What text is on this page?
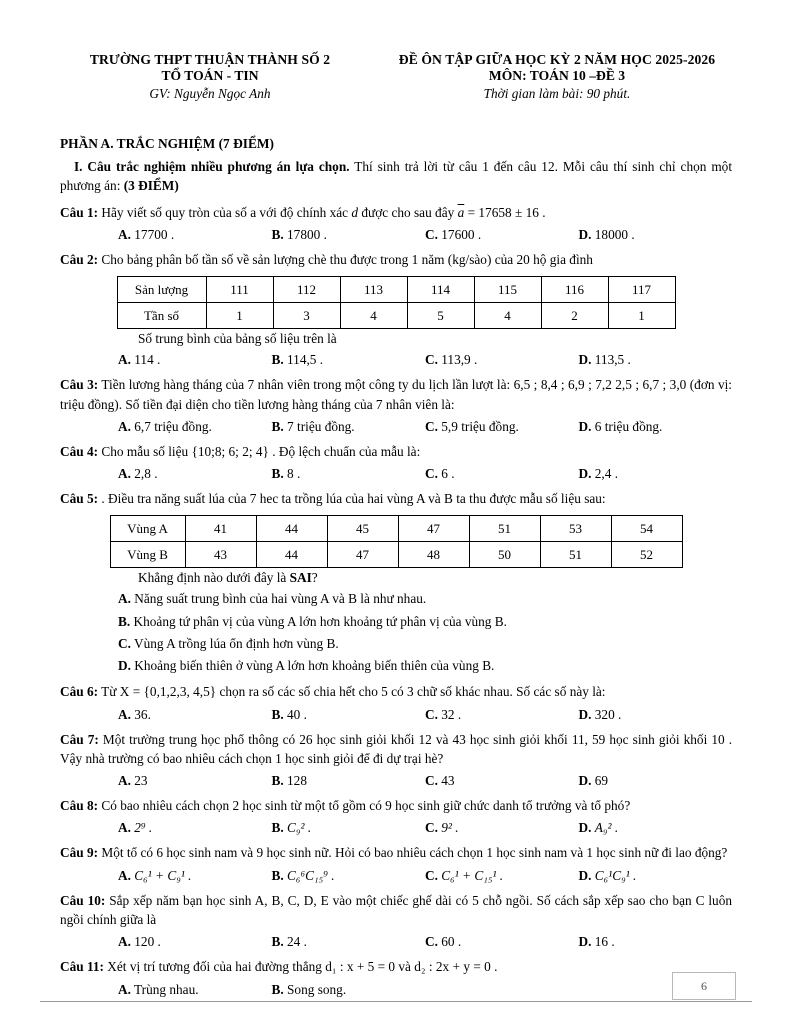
TRƯỜNG THPT THUẬN THÀNH SỐ 2
TỔ TOÁN - TIN
GV: Nguyễn Ngọc Anh
ĐỀ ÔN TẬP GIỮA HỌC KỲ 2 NĂM HỌC 2025-2026
MÔN: TOÁN 10 –ĐỀ 3
Thời gian làm bài: 90 phút.
PHẦN A. TRẮC NGHIỆM (7 ĐIỂM)
I. Câu trắc nghiệm nhiều phương án lựa chọn. Thí sinh trả lời từ câu 1 đến câu 12. Mỗi câu thí sinh chỉ chọn một phương án: (3 ĐIỂM)
Câu 1: Hãy viết số quy tròn của số a với độ chính xác d được cho sau đây $\overline{a} = 17658 \pm 16$ .
A. 17700 .	B. 17800 .	C. 17600 .	D. 18000 .
Câu 2: Cho bảng phân bố tần số về sản lượng chè thu được trong 1 năm (kg/sào) của 20 hộ gia đình
Sản lượng	111	112	113	114	115	116	117
Tần số	1	3	4	5	4	2	1
Số trung bình của bảng số liệu trên là
A. 114 .	B. 114,5 .	C. 113,9 .	D. 113,5 .
Câu 3: Tiền lương hàng tháng của 7 nhân viên trong một công ty du lịch lần lượt là: 6,5 ; 8,4 ; 6,9 ; 7,2 2,5 ; 6,7 ; 3,0 (đơn vị: triệu đồng). Số tiền đại diện cho tiền lương hàng tháng của 7 nhân viên là:
A. 6,7 triệu đồng.	B. 7 triệu đồng.	C. 5,9 triệu đồng.	D. 6 triệu đồng.
Câu 4: Cho mẫu số liệu {10;8; 6; 2; 4} . Độ lệch chuẩn của mẫu là:
A. 2,8 .	B. 8 .	C. 6 .	D. 2,4 .
Câu 5: . Điều tra năng suất lúa của 7 hec ta trồng lúa của hai vùng A và B ta thu được mẫu số liệu sau:
Vùng A	41	44	45	47	51	53	54
Vùng B	43	44	47	48	50	51	52
Khẳng định nào dưới đây là SAI?
A. Năng suất trung bình của hai vùng A và B là như nhau.
B. Khoảng tứ phân vị của vùng A lớn hơn khoảng tứ phân vị của vùng B.
C. Vùng A trồng lúa ổn định hơn vùng B.
D. Khoảng biến thiên ở vùng A lớn hơn khoảng biến thiên của vùng B.
Câu 6: Từ X = {0,1,2,3, 4,5} chọn ra số các số chia hết cho 5 có 3 chữ số khác nhau. Số các số này là:
A. 36.	B. 40 .	C. 32 .	D. 320 .
Câu 7: Một trường trung học phổ thông có 26 học sinh giỏi khối 12 và 43 học sinh giỏi khối 11, 59 học sinh giỏi khối 10 . Vậy nhà trường có bao nhiêu cách chọn 1 học sinh giỏi để đi dự trại hè?
A. 23	B. 128	C. 43	D. 69
Câu 8: Có bao nhiêu cách chọn 2 học sinh từ một tổ gồm có 9 học sinh giữ chức danh tổ trưởng và tổ phó?
A. 2⁹ .	B. C₉² .	C. 9² .	D. A₉² .
Câu 9: Một tổ có 6 học sinh nam và 9 học sinh nữ. Hỏi có bao nhiêu cách chọn 1 học sinh nam và 1 học sinh nữ đi lao động?
A. C₆¹ + C₉¹ .	B. C₆⁶C₁₅⁹ .	C. C₆¹ + C₁₅¹ .	D. C₆¹C₉¹ .
Câu 10: Sắp xếp năm bạn học sinh A, B, C, D, E vào một chiếc ghế dài có 5 chỗ ngồi. Số cách sắp xếp sao cho bạn C luôn ngồi chính giữa là
A. 120 .	B. 24 .	C. 60 .	D. 16 .
Câu 11: Xét vị trí tương đối của hai đường thẳng d₁ : x + 5 = 0 và d₂ : 2x + y = 0 .
A. Trùng nhau.	B. Song song.	6
